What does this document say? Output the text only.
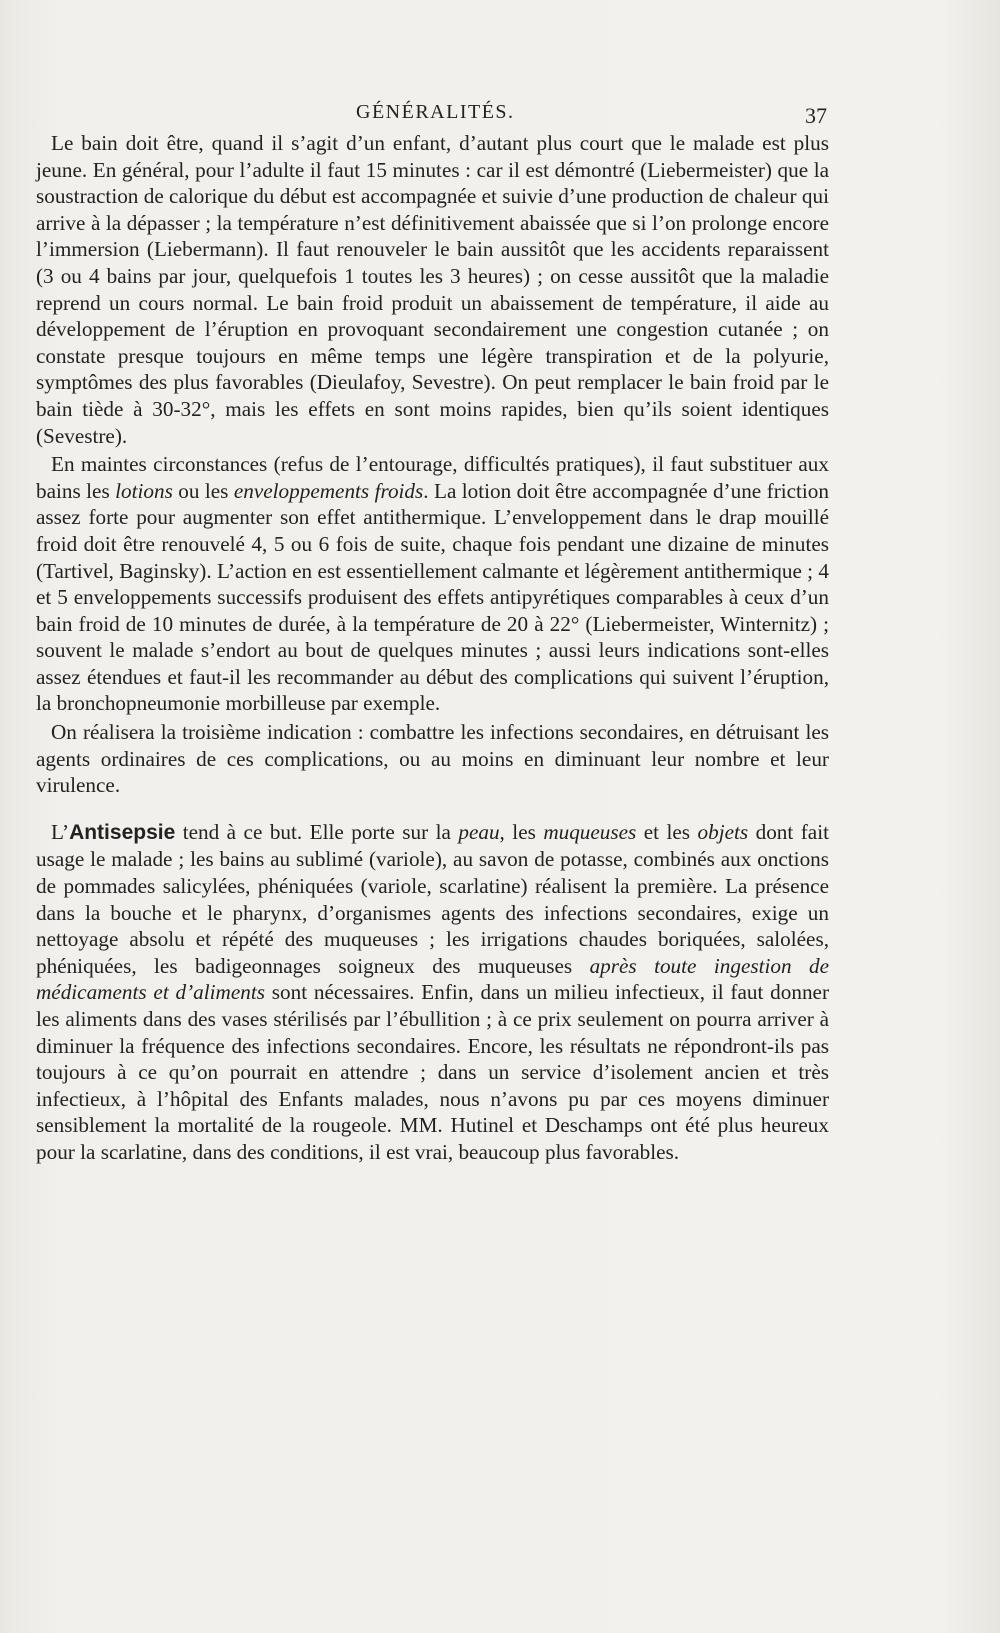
GÉNÉRALITÉS.	37

Le bain doit être, quand il s’agit d’un enfant, d’autant plus court que le malade est plus jeune. En général, pour l’adulte il faut 15 minutes : car il est démontré (Liebermeister) que la soustraction de calorique du début est accompagnée et suivie d’une production de chaleur qui arrive à la dépasser ; la température n’est définitivement abaissée que si l’on prolonge encore l’immersion (Liebermann). Il faut renouveler le bain aussitôt que les accidents reparaissent (3 ou 4 bains par jour, quelquefois 1 toutes les 3 heures) ; on cesse aussitôt que la maladie reprend un cours normal. Le bain froid produit un abaissement de température, il aide au développement de l’éruption en provoquant secondairement une congestion cutanée ; on constate presque toujours en même temps une légère transpiration et de la polyurie, symptômes des plus favorables (Dieulafoy, Sevestre). On peut remplacer le bain froid par le bain tiède à 30-32°, mais les effets en sont moins rapides, bien qu’ils soient identiques (Sevestre).

En maintes circonstances (refus de l’entourage, difficultés pratiques), il faut substituer aux bains les lotions ou les enveloppements froids. La lotion doit être accompagnée d’une friction assez forte pour augmenter son effet antithermique. L’enveloppement dans le drap mouillé froid doit être renouvelé 4, 5 ou 6 fois de suite, chaque fois pendant une dizaine de minutes (Tartivel, Baginsky). L’action en est essentiellement calmante et légèrement antithermique ; 4 et 5 enveloppements successifs produisent des effets antipyrétiques comparables à ceux d’un bain froid de 10 minutes de durée, à la température de 20 à 22° (Liebermeister, Winternitz) ; souvent le malade s’endort au bout de quelques minutes ; aussi leurs indications sont-elles assez étendues et faut-il les recommander au début des complications qui suivent l’éruption, la bronchopneumonie morbilleuse par exemple.

On réalisera la troisième indication : combattre les infections secondaires, en détruisant les agents ordinaires de ces complications, ou au moins en diminuant leur nombre et leur virulence.

L’Antisepsie tend à ce but. Elle porte sur la peau, les muqueuses et les objets dont fait usage le malade ; les bains au sublimé (variole), au savon de potasse, combinés aux onctions de pommades salicylées, phéniquées (variole, scarlatine) réalisent la première. La présence dans la bouche et le pharynx, d’organismes agents des infections secondaires, exige un nettoyage absolu et répété des muqueuses ; les irrigations chaudes boriquées, salolées, phéniquées, les badigeonnages soigneux des muqueuses après toute ingestion de médicaments et d’aliments sont nécessaires. Enfin, dans un milieu infectieux, il faut donner les aliments dans des vases stérilisés par l’ébullition ; à ce prix seulement on pourra arriver à diminuer la fréquence des infections secondaires. Encore, les résultats ne répondront-ils pas toujours à ce qu’on pourrait en attendre ; dans un service d’isolement ancien et très infectieux, à l’hôpital des Enfants malades, nous n’avons pu par ces moyens diminuer sensiblement la mortalité de la rougeole. MM. Hutinel et Deschamps ont été plus heureux pour la scarlatine, dans des conditions, il est vrai, beaucoup plus favorables.
